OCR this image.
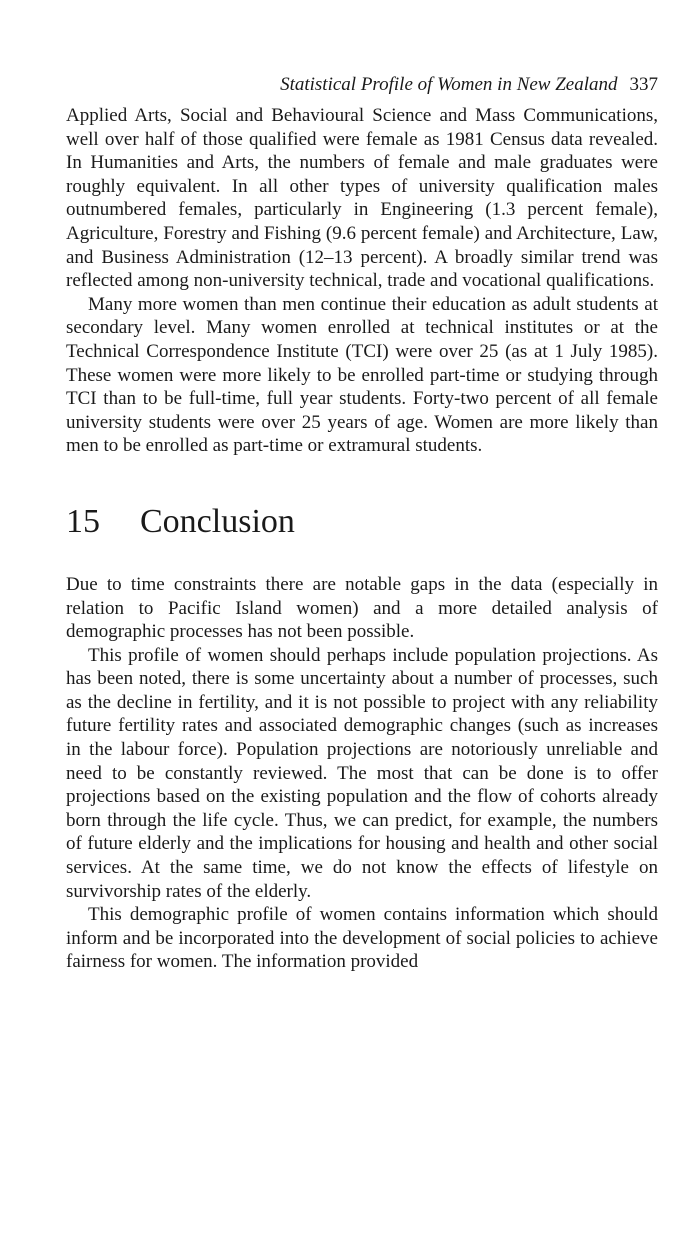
Statistical Profile of Women in New Zealand 337

Applied Arts, Social and Behavioural Science and Mass Communications, well over half of those qualified were female as 1981 Census data revealed. In Humanities and Arts, the numbers of female and male graduates were roughly equivalent. In all other types of university qualification males outnumbered females, particularly in Engineering (1.3 percent female), Agriculture, Forestry and Fishing (9.6 percent female) and Architecture, Law, and Business Administration (12–13 percent). A broadly similar trend was reflected among non-university technical, trade and vocational qualifications.

Many more women than men continue their education as adult students at secondary level. Many women enrolled at technical institutes or at the Technical Correspondence Institute (TCI) were over 25 (as at 1 July 1985). These women were more likely to be enrolled part-time or studying through TCI than to be full-time, full year students. Forty-two percent of all female university students were over 25 years of age. Women are more likely than men to be enrolled as part-time or extramural students.

15 Conclusion

Due to time constraints there are notable gaps in the data (especially in relation to Pacific Island women) and a more detailed analysis of demographic processes has not been possible.

This profile of women should perhaps include population projections. As has been noted, there is some uncertainty about a number of processes, such as the decline in fertility, and it is not possible to project with any reliability future fertility rates and associated demographic changes (such as increases in the labour force). Population projections are notoriously unreliable and need to be constantly reviewed. The most that can be done is to offer projections based on the existing population and the flow of cohorts already born through the life cycle. Thus, we can predict, for example, the numbers of future elderly and the implications for housing and health and other social services. At the same time, we do not know the effects of lifestyle on survivorship rates of the elderly.

This demographic profile of women contains information which should inform and be incorporated into the development of social policies to achieve fairness for women. The information provided
